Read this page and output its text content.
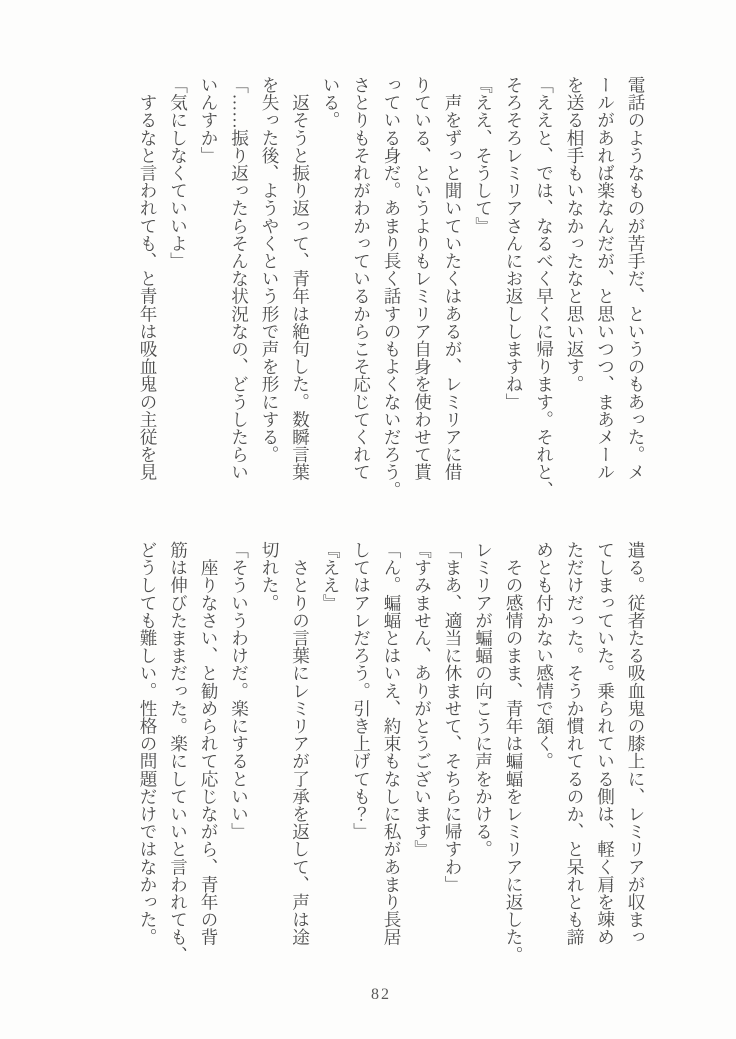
電話のようなものが苦手だ、というのもあった。メ
ールがあれば楽なんだが、と思いつつ、まあメール
を送る相手もいなかったなと思い返す。
「ええと、では、なるべく早くに帰ります。それと、
そろそろレミリアさんにお返ししますね」
『ええ、そうして』
　声をずっと聞いていたくはあるが、レミリアに借
りている、というよりもレミリア自身を使わせて貰
っている身だ。あまり長く話すのもよくないだろう。
さとりもそれがわかっているからこそ応じてくれて
いる。
　返そうと振り返って、青年は絶句した。数瞬言葉
を失った後、ようやくという形で声を形にする。
「……振り返ったらそんな状況なの、どうしたらい
いんすか」
「気にしなくていいよ」
　するなと言われても、と青年は吸血鬼の主従を見
遣る。従者たる吸血鬼の膝上に、レミリアが収まっ
てしまっていた。乗られている側は、軽く肩を竦め
ただけだった。そうか慣れてるのか、と呆れとも諦
めとも付かない感情で頷く。
　その感情のまま、青年は蝙蝠をレミリアに返した。
レミリアが蝙蝠の向こうに声をかける。
「まあ、適当に休ませて、そちらに帰すわ」
『すみません、ありがとうございます』
「ん。蝙蝠とはいえ、約束もなしに私があまり長居
してはアレだろう。引き上げても？」
『ええ』
　さとりの言葉にレミリアが了承を返して、声は途
切れた。
「そういうわけだ。楽にするといい」
　座りなさい、と勧められて応じながら、青年の背
筋は伸びたままだった。楽にしていいと言われても、
どうしても難しい。性格の問題だけではなかった。
82
